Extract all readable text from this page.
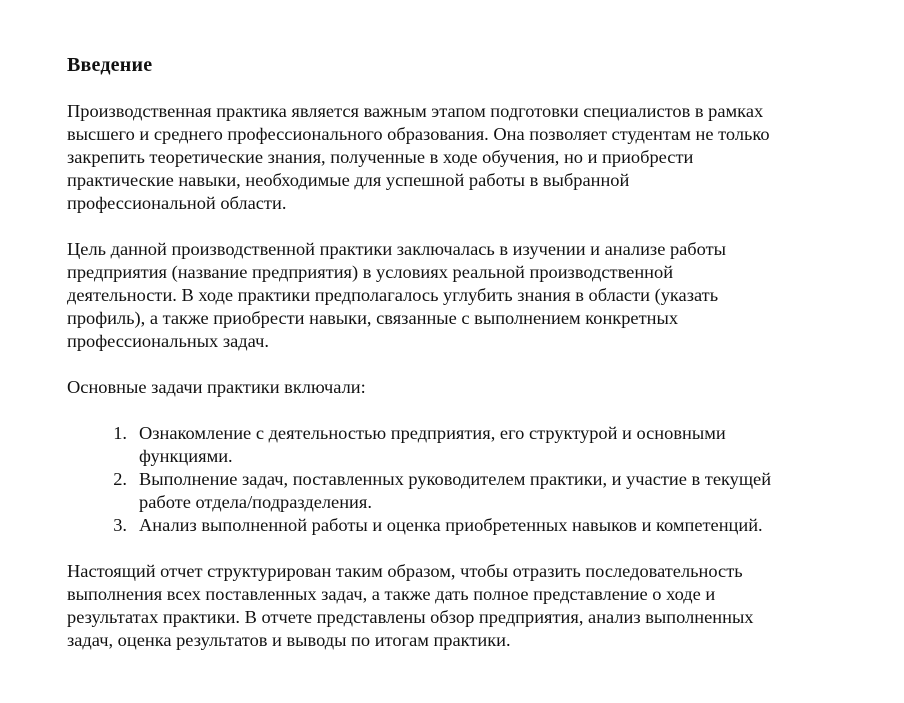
Введение

Производственная практика является важным этапом подготовки специалистов в рамках
высшего и среднего профессионального образования. Она позволяет студентам не только
закрепить теоретические знания, полученные в ходе обучения, но и приобрести
практические навыки, необходимые для успешной работы в выбранной
профессиональной области.

Цель данной производственной практики заключалась в изучении и анализе работы
предприятия (название предприятия) в условиях реальной производственной
деятельности. В ходе практики предполагалось углубить знания в области (указать
профиль), а также приобрести навыки, связанные с выполнением конкретных
профессиональных задач.

Основные задачи практики включали:

1. Ознакомление с деятельностью предприятия, его структурой и основными
функциями.
2. Выполнение задач, поставленных руководителем практики, и участие в текущей
работе отдела/подразделения.
3. Анализ выполненной работы и оценка приобретенных навыков и компетенций.

Настоящий отчет структурирован таким образом, чтобы отразить последовательность
выполнения всех поставленных задач, а также дать полное представление о ходе и
результатах практики. В отчете представлены обзор предприятия, анализ выполненных
задач, оценка результатов и выводы по итогам практики.
